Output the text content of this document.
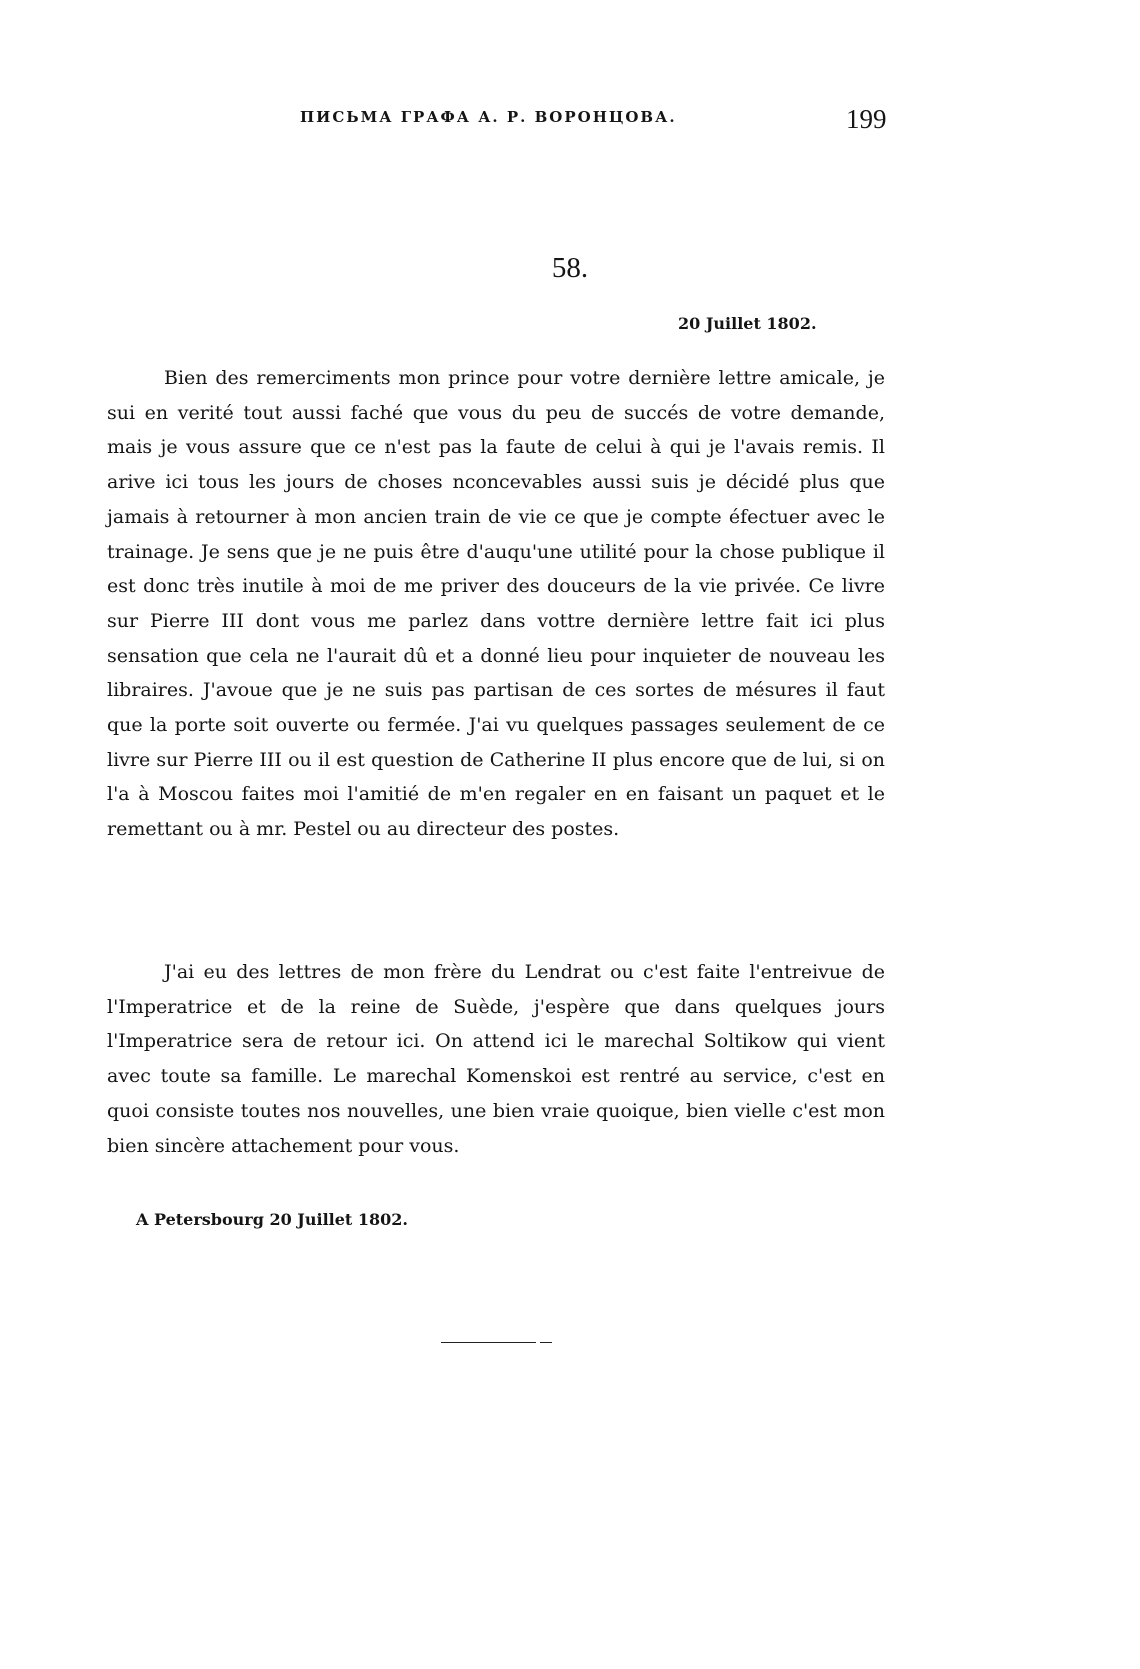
ПИСЬМА ГРАФА А. Р. ВОРОНЦОВА.	199
58.
20 Juillet 1802.
Bien des remerciments mon prince pour votre dernière lettre amicale, je sui en verité tout aussi faché que vous du peu de succés de votre demande, mais je vous assure que ce n'est pas la faute de celui à qui je l'avais remis. Il arive ici tous les jours de choses nconcevables aussi suis je décidé plus que jamais à retourner à mon ancien train de vie ce que je compte éfectuer avec le trainage. Je sens que je ne puis être d'auqu'une utilité pour la chose publique il est donc très inutile à moi de me priver des douceurs de la vie privée. Ce livre sur Pierre III dont vous me parlez dans vottre dernière lettre fait ici plus sensation que cela ne l'aurait dû et a donné lieu pour inquieter de nouveau les libraires. J'avoue que je ne suis pas partisan de ces sortes de mésures il faut que la porte soit ouverte ou fermée. J'ai vu quelques passages seulement de ce livre sur Pierre III ou il est question de Catherine II plus encore que de lui, si on l'a à Moscou faites moi l'amitié de m'en regaler en en faisant un paquet et le remettant ou à mr. Pestel ou au directeur des postes.
J'ai eu des lettres de mon frère du Lendrat ou c'est faite l'entreivue de l'Imperatrice et de la reine de Suède, j'espère que dans quelques jours l'Imperatrice sera de retour ici. On attend ici le marechal Soltikow qui vient avec toute sa famille. Le marechal Komenskoi est rentré au service, c'est en quoi consiste toutes nos nouvelles, une bien vraie quoique, bien vielle c'est mon bien sincère attachement pour vous.
A Petersbourg 20 Juillet 1802.
